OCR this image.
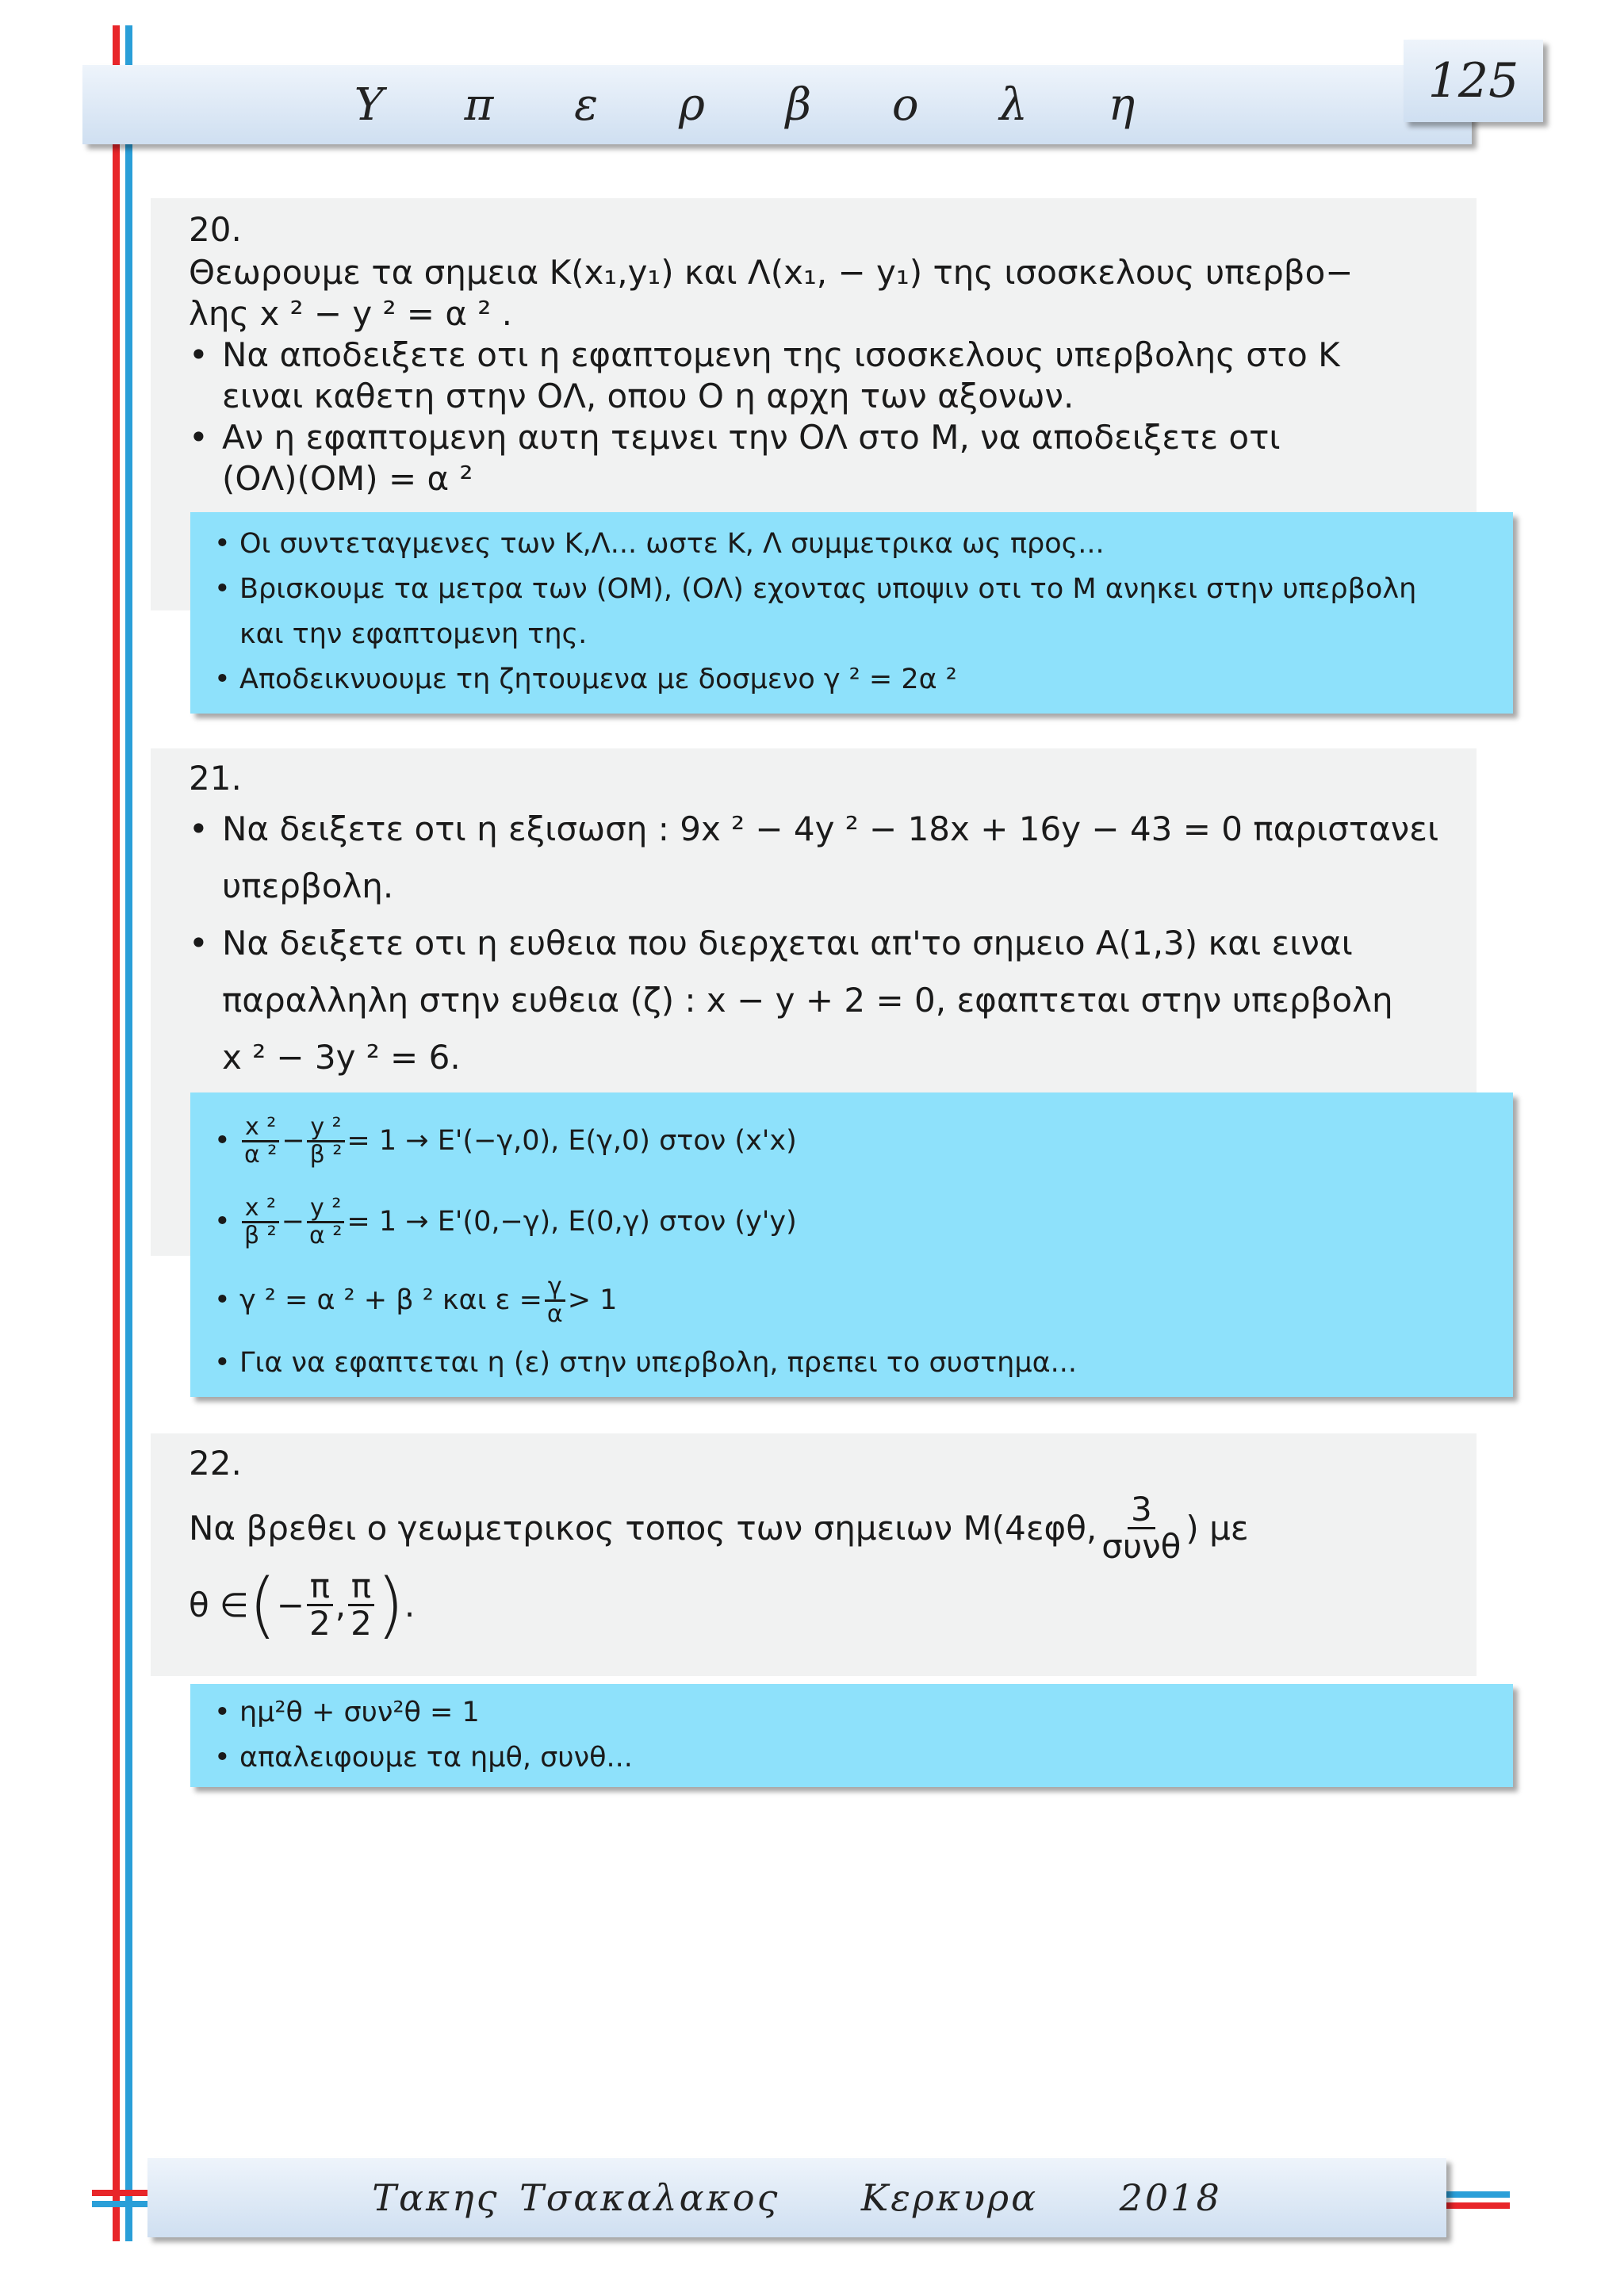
Υ π ε ρ β ο λ η	125
20.

Θεωρουμε τα σημεια Κ(x₁,y₁) και Λ(x₁, − y₁) της ισοσκελους υπερβο−

λης x ² − y ² = α ² .

• Να αποδειξετε οτι η εφαπτομενη της ισοσκελους υπερβολης στο Κ

ειναι καθετη στην ΟΛ, οπου Ο η αρχη των αξονων.

• Αν η εφαπτομενη αυτη τεμνει την ΟΛ στο Μ, να αποδειξετε οτι

(ΟΛ)(ΟΜ) = α ²

• Οι συντεταγμενες των Κ,Λ... ωστε Κ, Λ συμμετρικα ως προς...
• Βρισκουμε τα μετρα των (ΟΜ), (ΟΛ) εχοντας υποψιν οτι το Μ ανηκει στην υπερβολη
και την εφαπτομενη της.
• Αποδεικνυουμε τη ζητουμενα με δοσμενο γ ² = 2α ²
21.
• Να δειξετε οτι η εξισωση : 9x ² − 4y ² − 18x + 16y − 43 = 0 παριστανει

υπερβολη.

• Να δειξετε οτι η ευθεια που διερχεται απ'το σημειο Α(1,3) και ειναι

παραλληλη στην ευθεια (ζ) : x − y + 2 = 0, εφαπτεται στην υπερβολη

x ² − 3y ² = 6.

• $\frac{\text{x ²}}{\text{α ²}} - \frac{\text{y ²}}{\text{β ²}} = 1 \to E'(-\gamma,0)$, Ε(γ,0) στον (x'x)
• $\frac{\text{x ²}}{\text{β ²}} - \frac{\text{y ²}}{\text{α ²}} = 1 \to E'(0,-\gamma)$, Ε(0,γ) στον (y'y)
• γ ² = α ² + β ² και $\varepsilon = \frac{\gamma}{\alpha} > 1$
• Για να εφαπτεται η (ε) στην υπερβολη, πρεπει το συστημα...
22.
Να βρεθει ο γεωμετρικος τοπος των σημειων Μ(4εφθ, $\frac{3}{\text{συνθ}}$ ) με
θ ∈ ( − $\frac{\pi}{2}$ , $\frac{\pi}{2}$ ) .
• ημ²θ + συν²θ = 1
• απαλειφουμε τα ημθ, συνθ...
Τακης Τσακαλακος    Κερκυρα    2018
